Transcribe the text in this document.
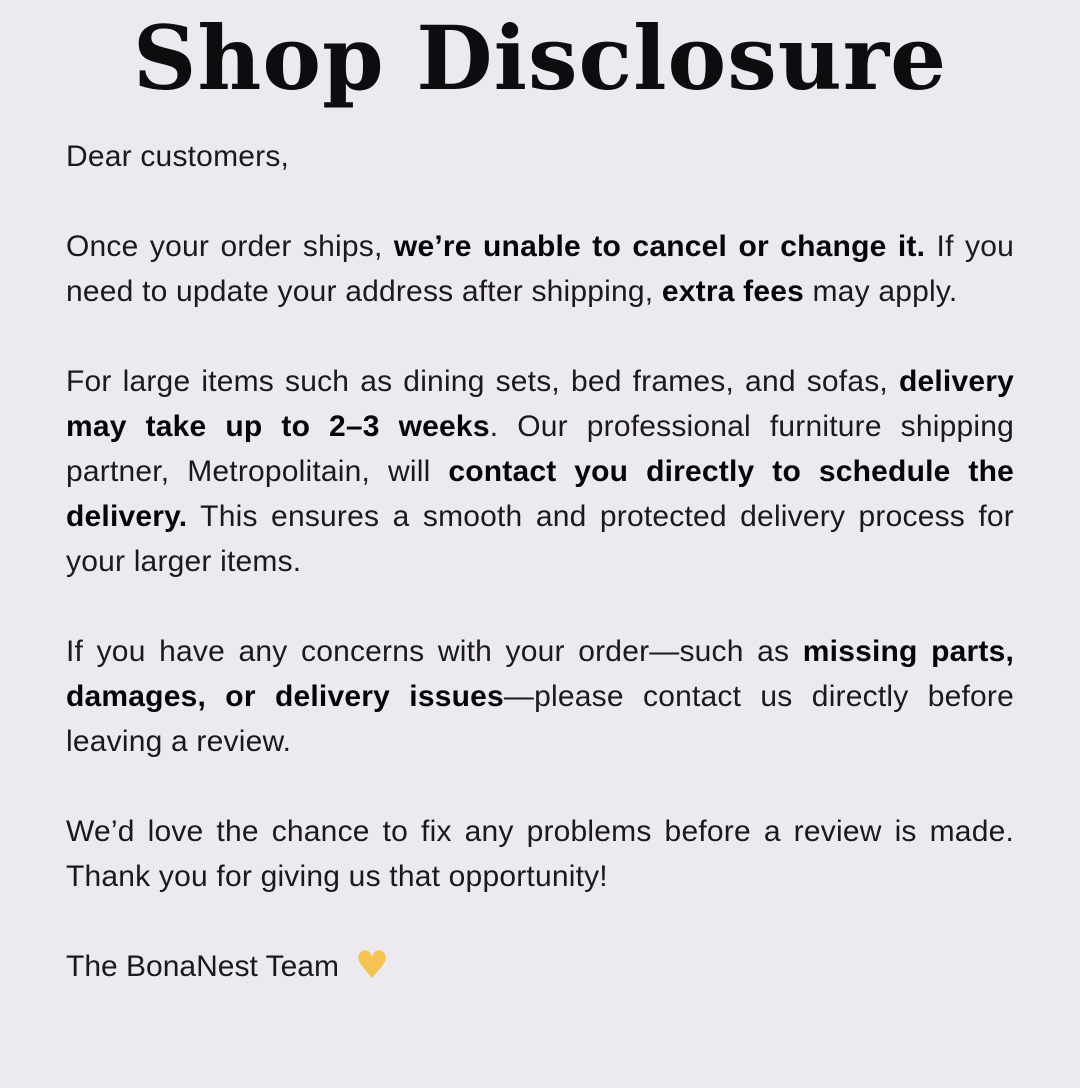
Shop Disclosure

Dear customers,

Once your order ships, we’re unable to cancel or change it. If you need to update your address after shipping, extra fees may apply.

For large items such as dining sets, bed frames, and sofas, delivery may take up to 2–3 weeks. Our professional furniture shipping partner, Metropolitain, will contact you directly to schedule the delivery. This ensures a smooth and protected delivery process for your larger items.

If you have any concerns with your order—such as missing parts, damages, or delivery issues—please contact us directly before leaving a review.

We’d love the chance to fix any problems before a review is made. Thank you for giving us that opportunity!

The BonaNest Team ♥
